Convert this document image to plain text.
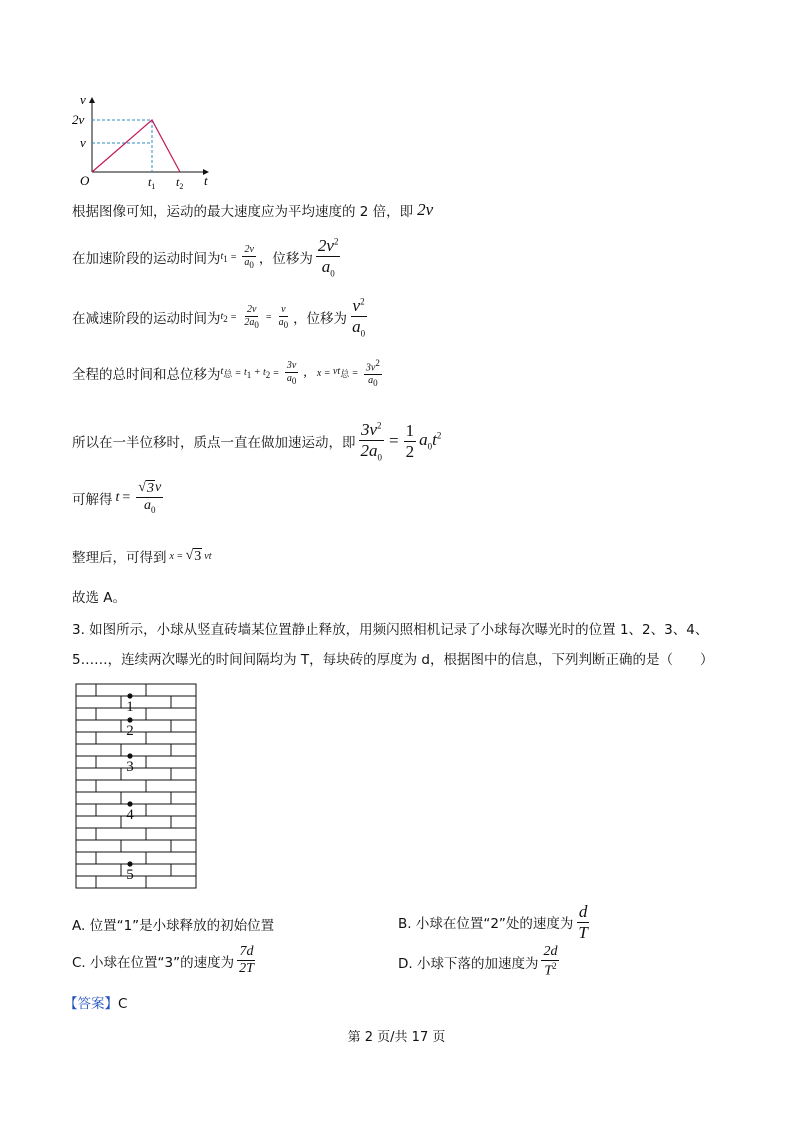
v
2v
v
O	t
$t_1$ $t_2$
根据图像可知，运动的最大速度应为平均速度的 2 倍，即 2v
在加速阶段的运动时间为 $t_1 = \frac{2v}{a_0}$ ，位移为 $\frac{2v^2}{a_0}$
在减速阶段的运动时间为 $t_2 = \frac{2v}{2a_0} = \frac{v}{a_0}$ ，位移为 $\frac{v^2}{a_0}$
全程的总时间和总位移为 $t_总 = t_1 + t_2 = \frac{3v}{a_0}$ , $x = vt_总 = \frac{3v^2}{a_0}$
所以在一半位移时，质点一直在做加速运动，即 $\frac{3v^2}{2a_0} = \frac{1}{2} a_0t^2$
可解得 $t = \frac{√ 3 v}{a_0}$
整理后，可得到 x = √ 3 vt
故选 A。
3. 如图所示，小球从竖直砖墙某位置静止释放，用频闪照相机记录了小球每次曝光时的位置 1、2、3、4、
5……，连续两次曝光的时间间隔均为 T，每块砖的厚度为 d，根据图中的信息，下列判断正确的是（　　）
1
2
3
4
5
A. 位置“1”是小球释放的初始位置	B. 小球在位置“2”处的速度为 $\frac{d}{T}$
C. 小球在位置“3”的速度为 $\frac{7d}{2T}$	D. 小球下落的加速度为 $\frac{2d}{T^2}$
【答案】C
第 2 页/共 17 页
